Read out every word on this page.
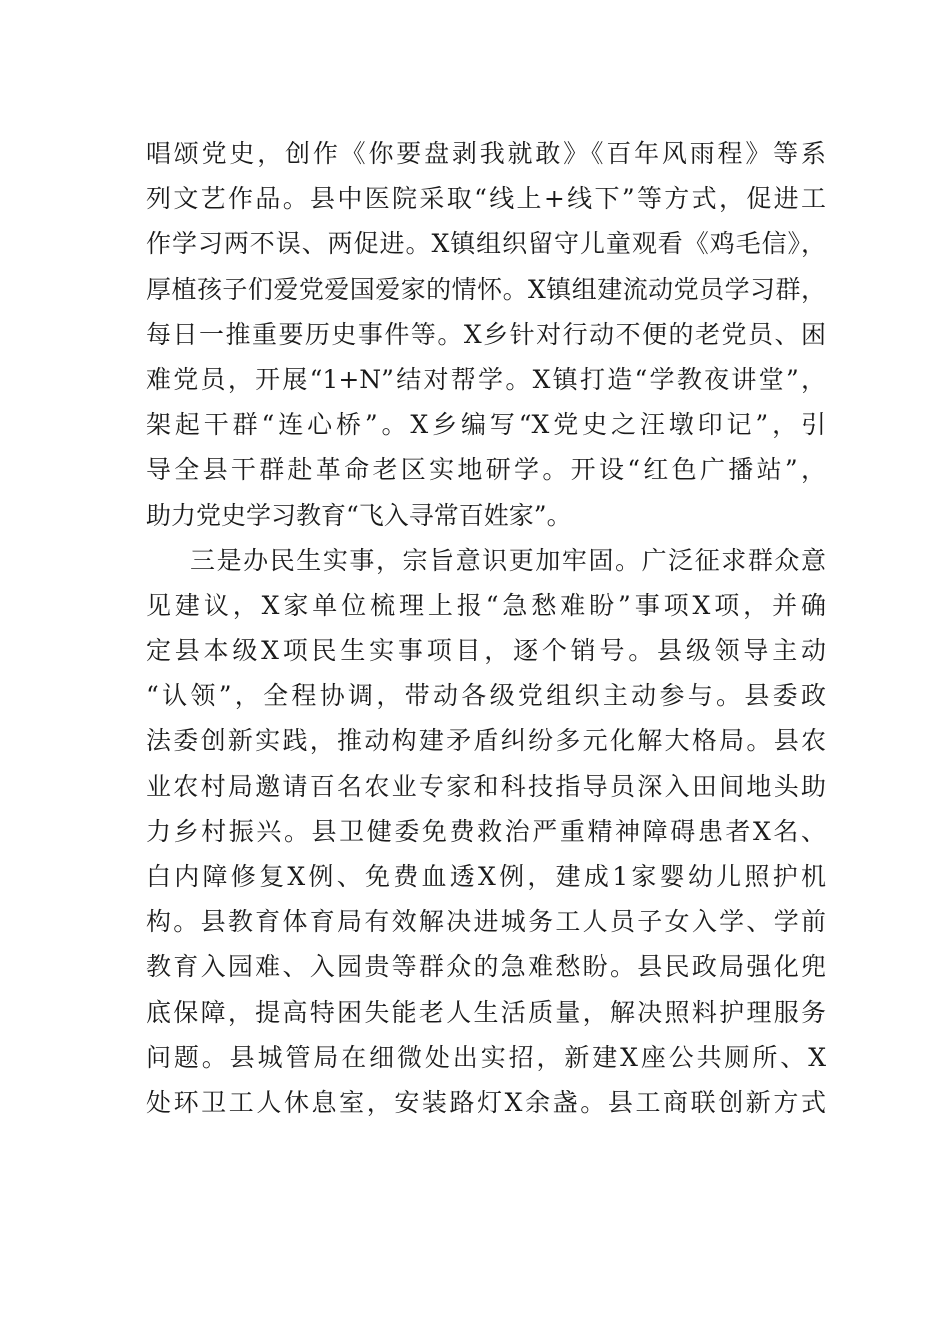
唱颂党史，创作《你要盘剥我就敢》《百年风雨程》等系
列文艺作品。县中医院采取“线上+线下”等方式，促进工
作学习两不误、两促进。X镇组织留守儿童观看《鸡毛信》，
厚植孩子们爱党爱国爱家的情怀。X镇组建流动党员学习群，
每日一推重要历史事件等。X乡针对行动不便的老党员、困
难党员，开展“1+N”结对帮学。X镇打造“学教夜讲堂”，
架起干群“连心桥”。X乡编写“X党史之汪墩印记”，引
导全县干群赴革命老区实地研学。开设“红色广播站”，
助力党史学习教育“飞入寻常百姓家”。
三是办民生实事，宗旨意识更加牢固。广泛征求群众意
见建议，X家单位梳理上报“急愁难盼”事项X项，并确
定县本级X项民生实事项目，逐个销号。县级领导主动
“认领”，全程协调，带动各级党组织主动参与。县委政
法委创新实践，推动构建矛盾纠纷多元化解大格局。县农
业农村局邀请百名农业专家和科技指导员深入田间地头助
力乡村振兴。县卫健委免费救治严重精神障碍患者X名、
白内障修复X例、免费血透X例，建成1家婴幼儿照护机
构。县教育体育局有效解决进城务工人员子女入学、学前
教育入园难、入园贵等群众的急难愁盼。县民政局强化兜
底保障，提高特困失能老人生活质量，解决照料护理服务
问题。县城管局在细微处出实招，新建X座公共厕所、X
处环卫工人休息室，安装路灯X余盏。县工商联创新方式
